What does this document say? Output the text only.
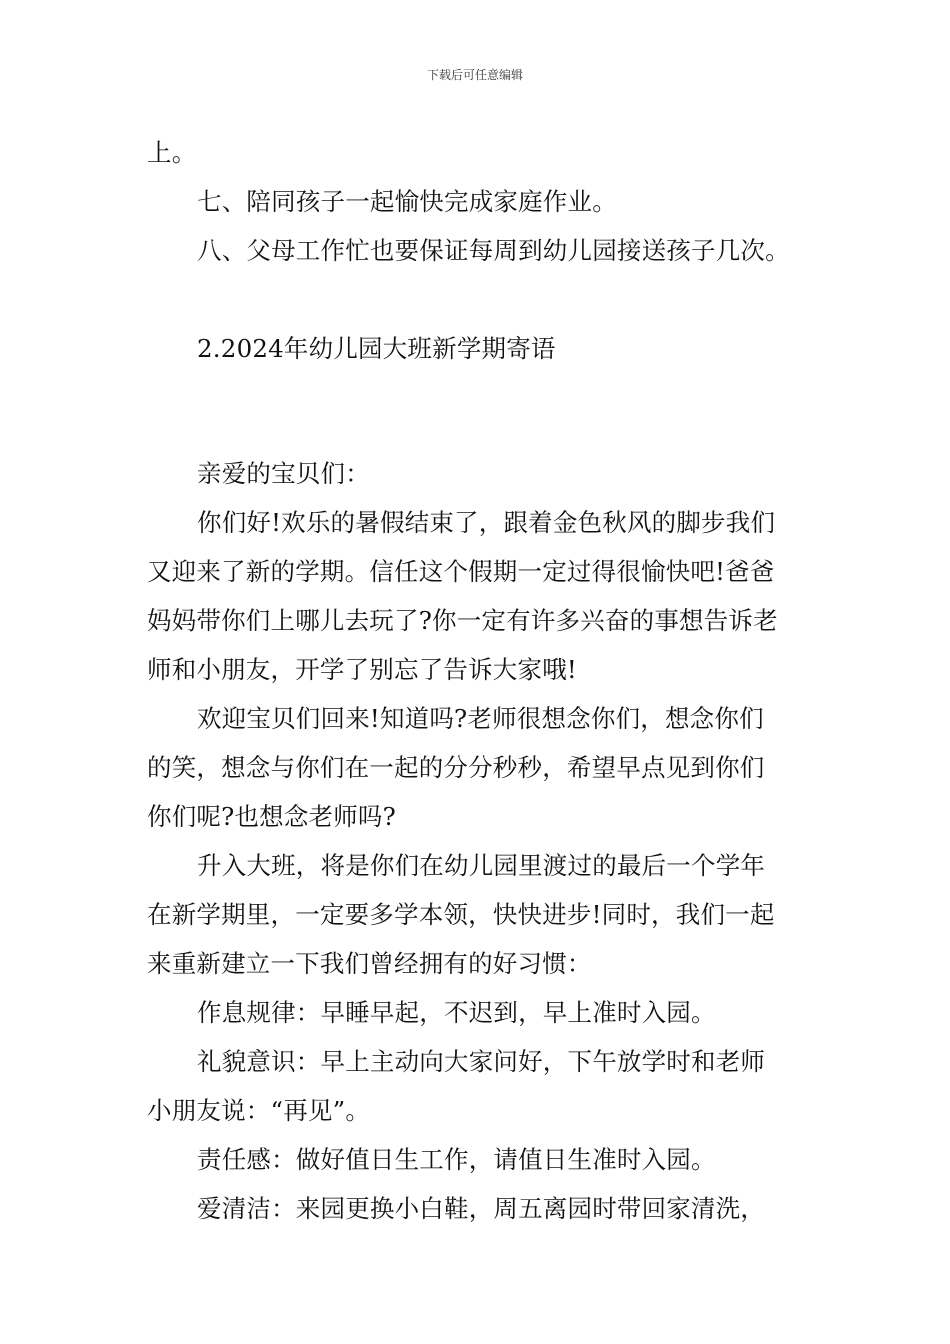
下载后可任意编辑
上。
七、陪同孩子一起愉快完成家庭作业。
八、父母工作忙也要保证每周到幼儿园接送孩子几次。
2.2024年幼儿园大班新学期寄语
亲爱的宝贝们：
你们好!欢乐的暑假结束了，跟着金色秋风的脚步我们
又迎来了新的学期。信任这个假期一定过得很愉快吧!爸爸
妈妈带你们上哪儿去玩了?你一定有许多兴奋的事想告诉老
师和小朋友，开学了别忘了告诉大家哦!
欢迎宝贝们回来!知道吗?老师很想念你们，想念你们
的笑，想念与你们在一起的分分秒秒，希望早点见到你们
你们呢?也想念老师吗?
升入大班，将是你们在幼儿园里渡过的最后一个学年
在新学期里，一定要多学本领，快快进步!同时，我们一起
来重新建立一下我们曾经拥有的好习惯：
作息规律：早睡早起，不迟到，早上准时入园。
礼貌意识：早上主动向大家问好，下午放学时和老师
小朋友说：“再见”。
责任感：做好值日生工作，请值日生准时入园。
爱清洁：来园更换小白鞋，周五离园时带回家清洗，
